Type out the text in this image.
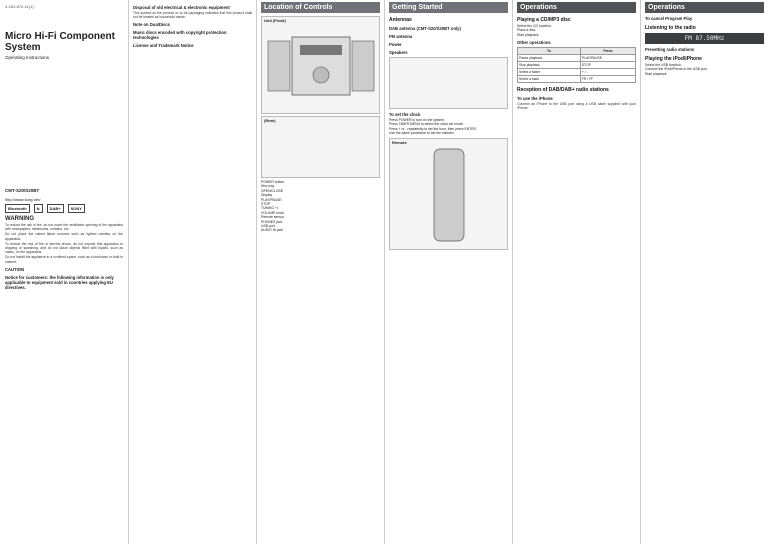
4-263-672-11(1)
Micro Hi-Fi Component System
Operating Instructions
CMT-S20/S20BT
http://www.sony.net/
Bluetooth	N	DAB+	SONY
WARNING

To reduce the risk of fire, do not cover the ventilation opening of the apparatus with newspapers, tablecloths, curtains, etc.

Do not place the naked flame sources such as lighted candles on the apparatus.

To reduce the risk of fire or electric shock, do not expose this apparatus to dripping or splashing, and do not place objects filled with liquids, such as vases, on the apparatus.

Do not install the appliance in a confined space, such as a bookcase or built-in cabinet.

CAUTION
Notice for customers: the following information is only applicable to equipment sold in countries applying EU directives.
Disposal of old electrical & electronic equipment

This symbol on the product or on its packaging indicates that this product shall not be treated as household waste.

Note on DualDiscs
Music discs encoded with copyright protection technologies
License and Trademark Notice
Location of Controls
Unit (Front)
(Rear)
POWER button
Disc tray
OPEN/CLOSE
Display
PLAY/PAUSE
STOP
TUNING +/-
VOLUME knob
Remote sensor
PHONES jack
USB port
AUDIO IN jack
Getting Started
Antennas
DAB antenna (CMT-S20/S20BT only)
FM antenna
Power
Speakers
To set the clock
Press POWER to turn on the system.
Press TIMER MENU to select the clock set mode.
Press + or - repeatedly to set the hour, then press ENTER.
Use the same procedure to set the minutes.
Remote
Operations
Playing a CD/MP3 disc
Select the CD function.
Place a disc.
Start playback.
Other operations
To	Press
Pause playback	PLAY/PAUSE
Stop playback	STOP
Select a folder	+ / -
Select a track	FR / FF
Reception of DAB/DAB+ radio stations
To use the iPhone

Connect an iPhone to the USB port using a USB cable supplied with your iPhone.

Operations
To cancel Program Play
Listening to the radio
FM 87.50MHz
Presetting radio stations
Playing the iPod/iPhone
Select the USB function.
Connect the iPod/iPhone to the USB port.
Start playback.
